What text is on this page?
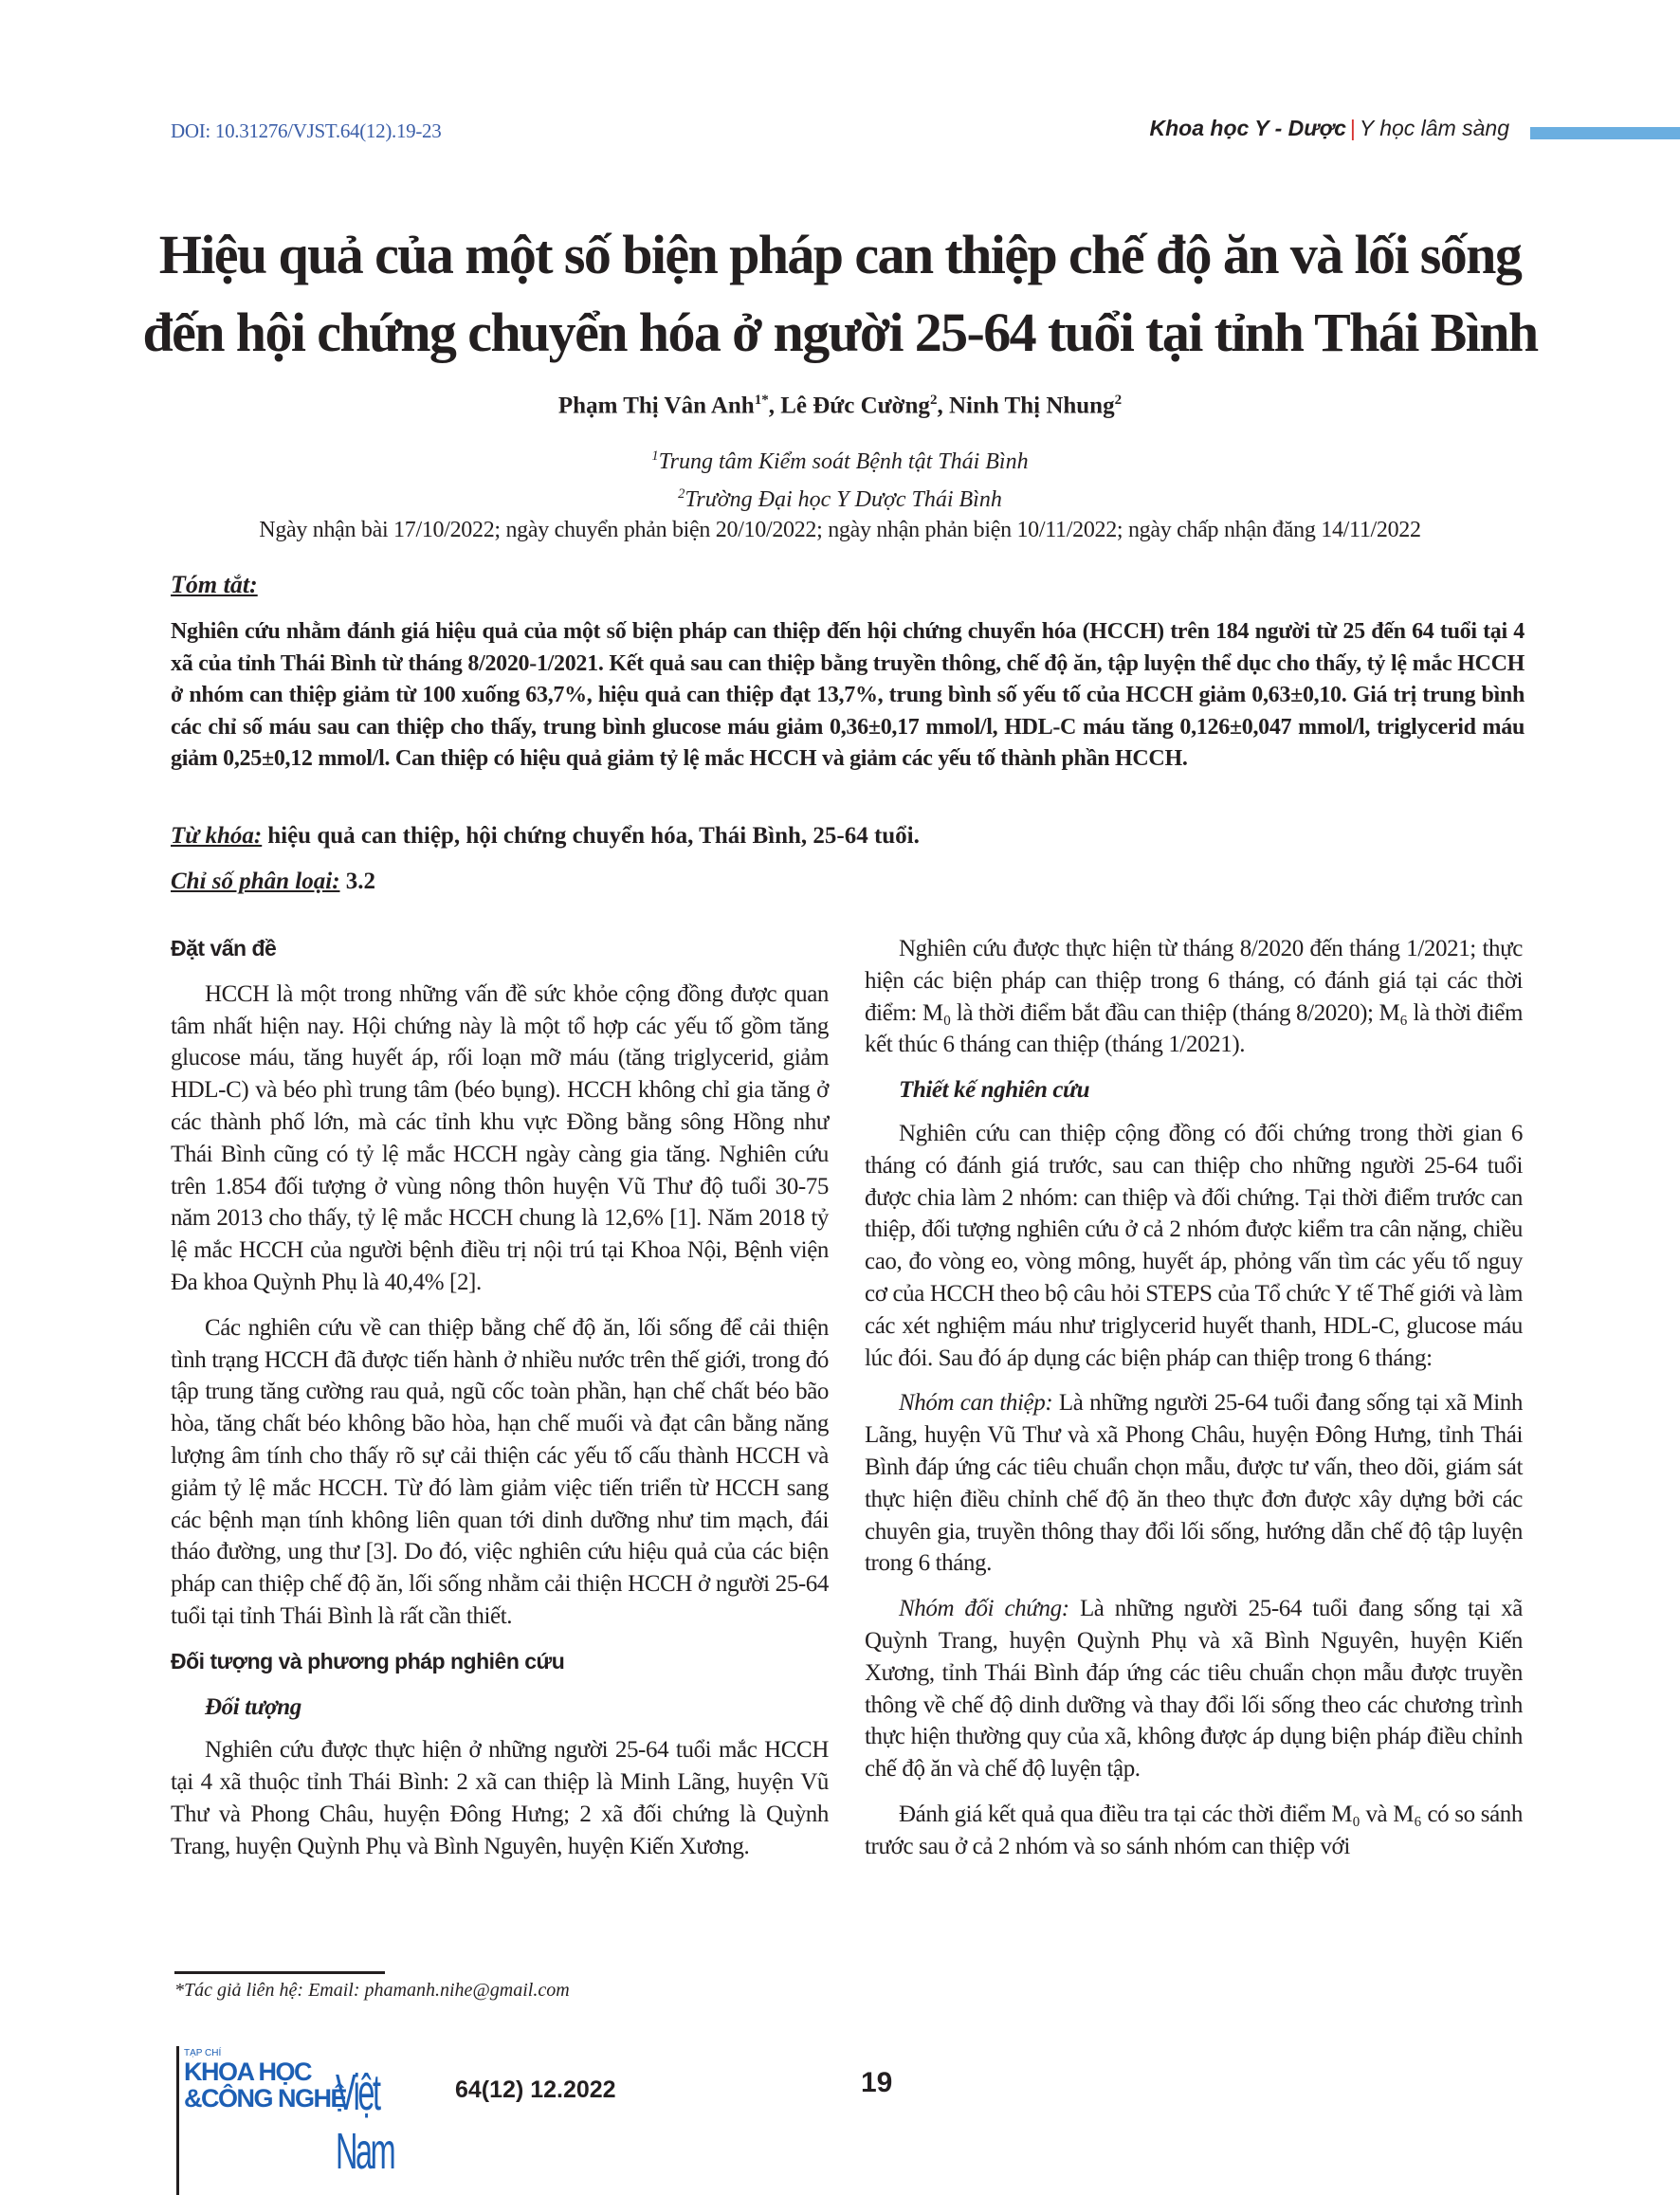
DOI: 10.31276/VJST.64(12).19-23	Khoa học Y - Dược | Y học lâm sàng
Hiệu quả của một số biện pháp can thiệp chế độ ăn và lối sống đến hội chứng chuyển hóa ở người 25-64 tuổi tại tỉnh Thái Bình
Phạm Thị Vân Anh$^{1*}$, Lê Đức Cường$^2$, Ninh Thị Nhung$^2$
$^1$Trung tâm Kiểm soát Bệnh tật Thái Bình
$^2$Trường Đại học Y Dược Thái Bình
Ngày nhận bài 17/10/2022; ngày chuyển phản biện 20/10/2022; ngày nhận phản biện 10/11/2022; ngày chấp nhận đăng 14/11/2022
Tóm tắt:
Nghiên cứu nhằm đánh giá hiệu quả của một số biện pháp can thiệp đến hội chứng chuyển hóa (HCCH) trên 184 người từ 25 đến 64 tuổi tại 4 xã của tỉnh Thái Bình từ tháng 8/2020-1/2021. Kết quả sau can thiệp bằng truyền thông, chế độ ăn, tập luyện thể dục cho thấy, tỷ lệ mắc HCCH ở nhóm can thiệp giảm từ 100 xuống 63,7%, hiệu quả can thiệp đạt 13,7%, trung bình số yếu tố của HCCH giảm 0,63±0,10. Giá trị trung bình các chỉ số máu sau can thiệp cho thấy, trung bình glucose máu giảm 0,36±0,17 mmol/l, HDL-C máu tăng 0,126±0,047 mmol/l, triglycerid máu giảm 0,25±0,12 mmol/l. Can thiệp có hiệu quả giảm tỷ lệ mắc HCCH và giảm các yếu tố thành phần HCCH.
Từ khóa: hiệu quả can thiệp, hội chứng chuyển hóa, Thái Bình, 25-64 tuổi.
Chỉ số phân loại: 3.2
Đặt vấn đề

HCCH là một trong những vấn đề sức khỏe cộng đồng được quan tâm nhất hiện nay. Hội chứng này là một tổ hợp các yếu tố gồm tăng glucose máu, tăng huyết áp, rối loạn mỡ máu (tăng triglycerid, giảm HDL-C) và béo phì trung tâm (béo bụng). HCCH không chỉ gia tăng ở các thành phố lớn, mà các tỉnh khu vực Đồng bằng sông Hồng như Thái Bình cũng có tỷ lệ mắc HCCH ngày càng gia tăng. Nghiên cứu trên 1.854 đối tượng ở vùng nông thôn huyện Vũ Thư độ tuổi 30-75 năm 2013 cho thấy, tỷ lệ mắc HCCH chung là 12,6% [1]. Năm 2018 tỷ lệ mắc HCCH của người bệnh điều trị nội trú tại Khoa Nội, Bệnh viện Đa khoa Quỳnh Phụ là 40,4% [2].

Các nghiên cứu về can thiệp bằng chế độ ăn, lối sống để cải thiện tình trạng HCCH đã được tiến hành ở nhiều nước trên thế giới, trong đó tập trung tăng cường rau quả, ngũ cốc toàn phần, hạn chế chất béo bão hòa, tăng chất béo không bão hòa, hạn chế muối và đạt cân bằng năng lượng âm tính cho thấy rõ sự cải thiện các yếu tố cấu thành HCCH và giảm tỷ lệ mắc HCCH. Từ đó làm giảm việc tiến triển từ HCCH sang các bệnh mạn tính không liên quan tới dinh dưỡng như tim mạch, đái tháo đường, ung thư [3]. Do đó, việc nghiên cứu hiệu quả của các biện pháp can thiệp chế độ ăn, lối sống nhằm cải thiện HCCH ở người 25-64 tuổi tại tỉnh Thái Bình là rất cần thiết.

Đối tượng và phương pháp nghiên cứu
Đối tượng

Nghiên cứu được thực hiện ở những người 25-64 tuổi mắc HCCH tại 4 xã thuộc tỉnh Thái Bình: 2 xã can thiệp là Minh Lãng, huyện Vũ Thư và Phong Châu, huyện Đông Hưng; 2 xã đối chứng là Quỳnh Trang, huyện Quỳnh Phụ và Bình Nguyên, huyện Kiến Xương.

Nghiên cứu được thực hiện từ tháng 8/2020 đến tháng 1/2021; thực hiện các biện pháp can thiệp trong 6 tháng, có đánh giá tại các thời điểm: M₀ là thời điểm bắt đầu can thiệp (tháng 8/2020); M₆ là thời điểm kết thúc 6 tháng can thiệp (tháng 1/2021).

Thiết kế nghiên cứu

Nghiên cứu can thiệp cộng đồng có đối chứng trong thời gian 6 tháng có đánh giá trước, sau can thiệp cho những người 25-64 tuổi được chia làm 2 nhóm: can thiệp và đối chứng. Tại thời điểm trước can thiệp, đối tượng nghiên cứu ở cả 2 nhóm được kiểm tra cân nặng, chiều cao, đo vòng eo, vòng mông, huyết áp, phỏng vấn tìm các yếu tố nguy cơ của HCCH theo bộ câu hỏi STEPS của Tổ chức Y tế Thế giới và làm các xét nghiệm máu như triglycerid huyết thanh, HDL-C, glucose máu lúc đói. Sau đó áp dụng các biện pháp can thiệp trong 6 tháng:

Nhóm can thiệp: Là những người 25-64 tuổi đang sống tại xã Minh Lãng, huyện Vũ Thư và xã Phong Châu, huyện Đông Hưng, tỉnh Thái Bình đáp ứng các tiêu chuẩn chọn mẫu, được tư vấn, theo dõi, giám sát thực hiện điều chỉnh chế độ ăn theo thực đơn được xây dựng bởi các chuyên gia, truyền thông thay đổi lối sống, hướng dẫn chế độ tập luyện trong 6 tháng.

Nhóm đối chứng: Là những người 25-64 tuổi đang sống tại xã Quỳnh Trang, huyện Quỳnh Phụ và xã Bình Nguyên, huyện Kiến Xương, tỉnh Thái Bình đáp ứng các tiêu chuẩn chọn mẫu được truyền thông về chế độ dinh dưỡng và thay đổi lối sống theo các chương trình thực hiện thường quy của xã, không được áp dụng biện pháp điều chỉnh chế độ ăn và chế độ luyện tập.

Đánh giá kết quả qua điều tra tại các thời điểm M₀ và M₆ có so sánh trước sau ở cả 2 nhóm và so sánh nhóm can thiệp với

*Tác giả liên hệ: Email: phamanh.nihe@gmail.com
TẠP CHÍ
KHOA HỌC
&CÔNG NGHỆ
Việt Nam
64(12) 12.2022	19
